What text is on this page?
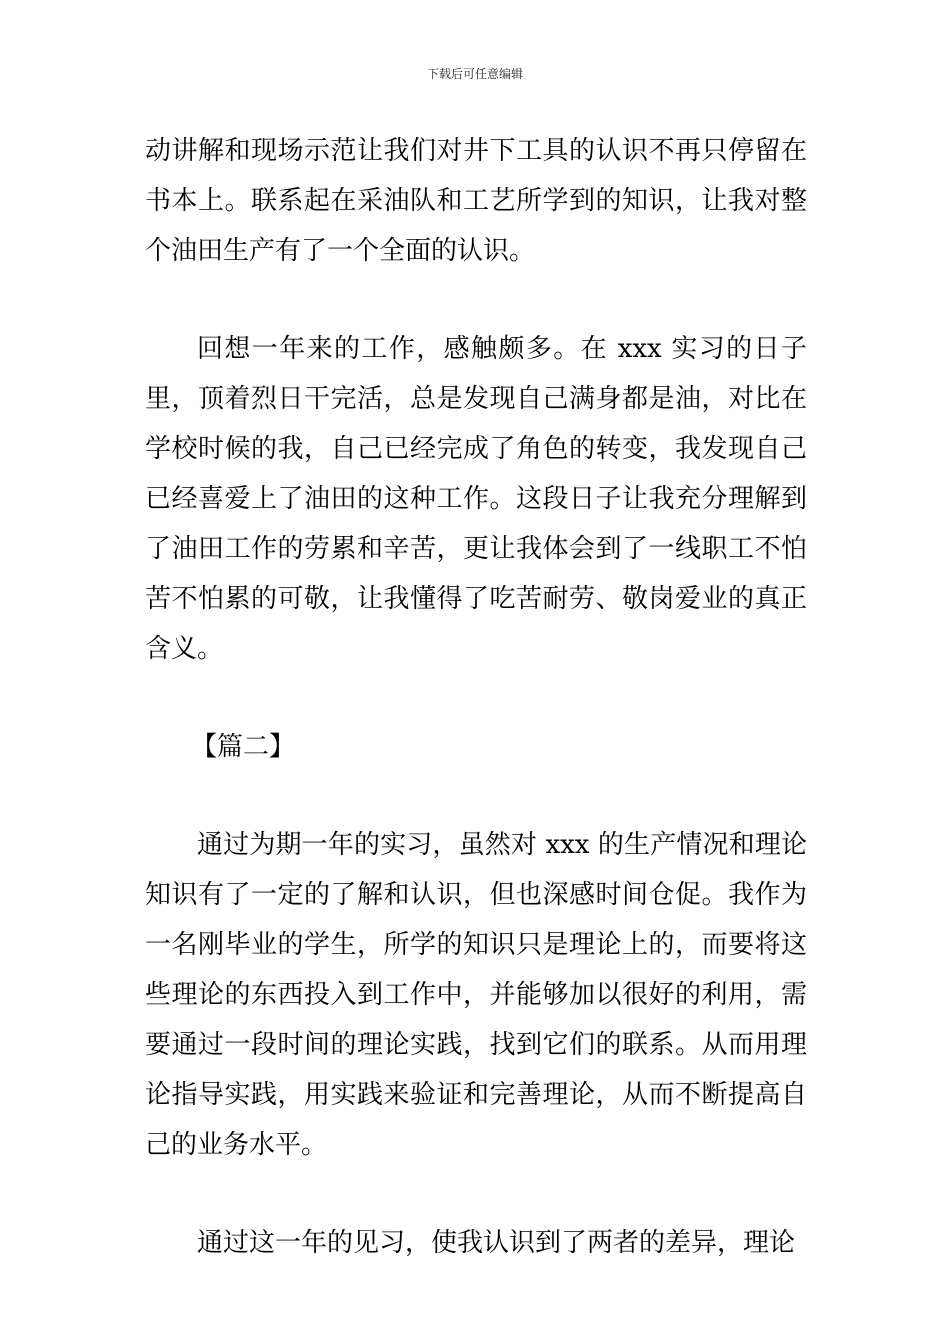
下载后可任意编辑

动讲解和现场示范让我们对井下工具的认识不再只停留在书本上。联系起在采油队和工艺所学到的知识，让我对整个油田生产有了一个全面的认识。

回想一年来的工作，感触颇多。在 xxx 实习的日子里，顶着烈日干完活，总是发现自己满身都是油，对比在学校时候的我，自己已经完成了角色的转变，我发现自己已经喜爱上了油田的这种工作。这段日子让我充分理解到了油田工作的劳累和辛苦，更让我体会到了一线职工不怕苦不怕累的可敬，让我懂得了吃苦耐劳、敬岗爱业的真正含义。

【篇二】

通过为期一年的实习，虽然对 xxx 的生产情况和理论知识有了一定的了解和认识，但也深感时间仓促。我作为一名刚毕业的学生，所学的知识只是理论上的，而要将这些理论的东西投入到工作中，并能够加以很好的利用，需要通过一段时间的理论实践，找到它们的联系。从而用理论指导实践，用实践来验证和完善理论，从而不断提高自己的业务水平。

通过这一年的见习，使我认识到了两者的差异，理论
